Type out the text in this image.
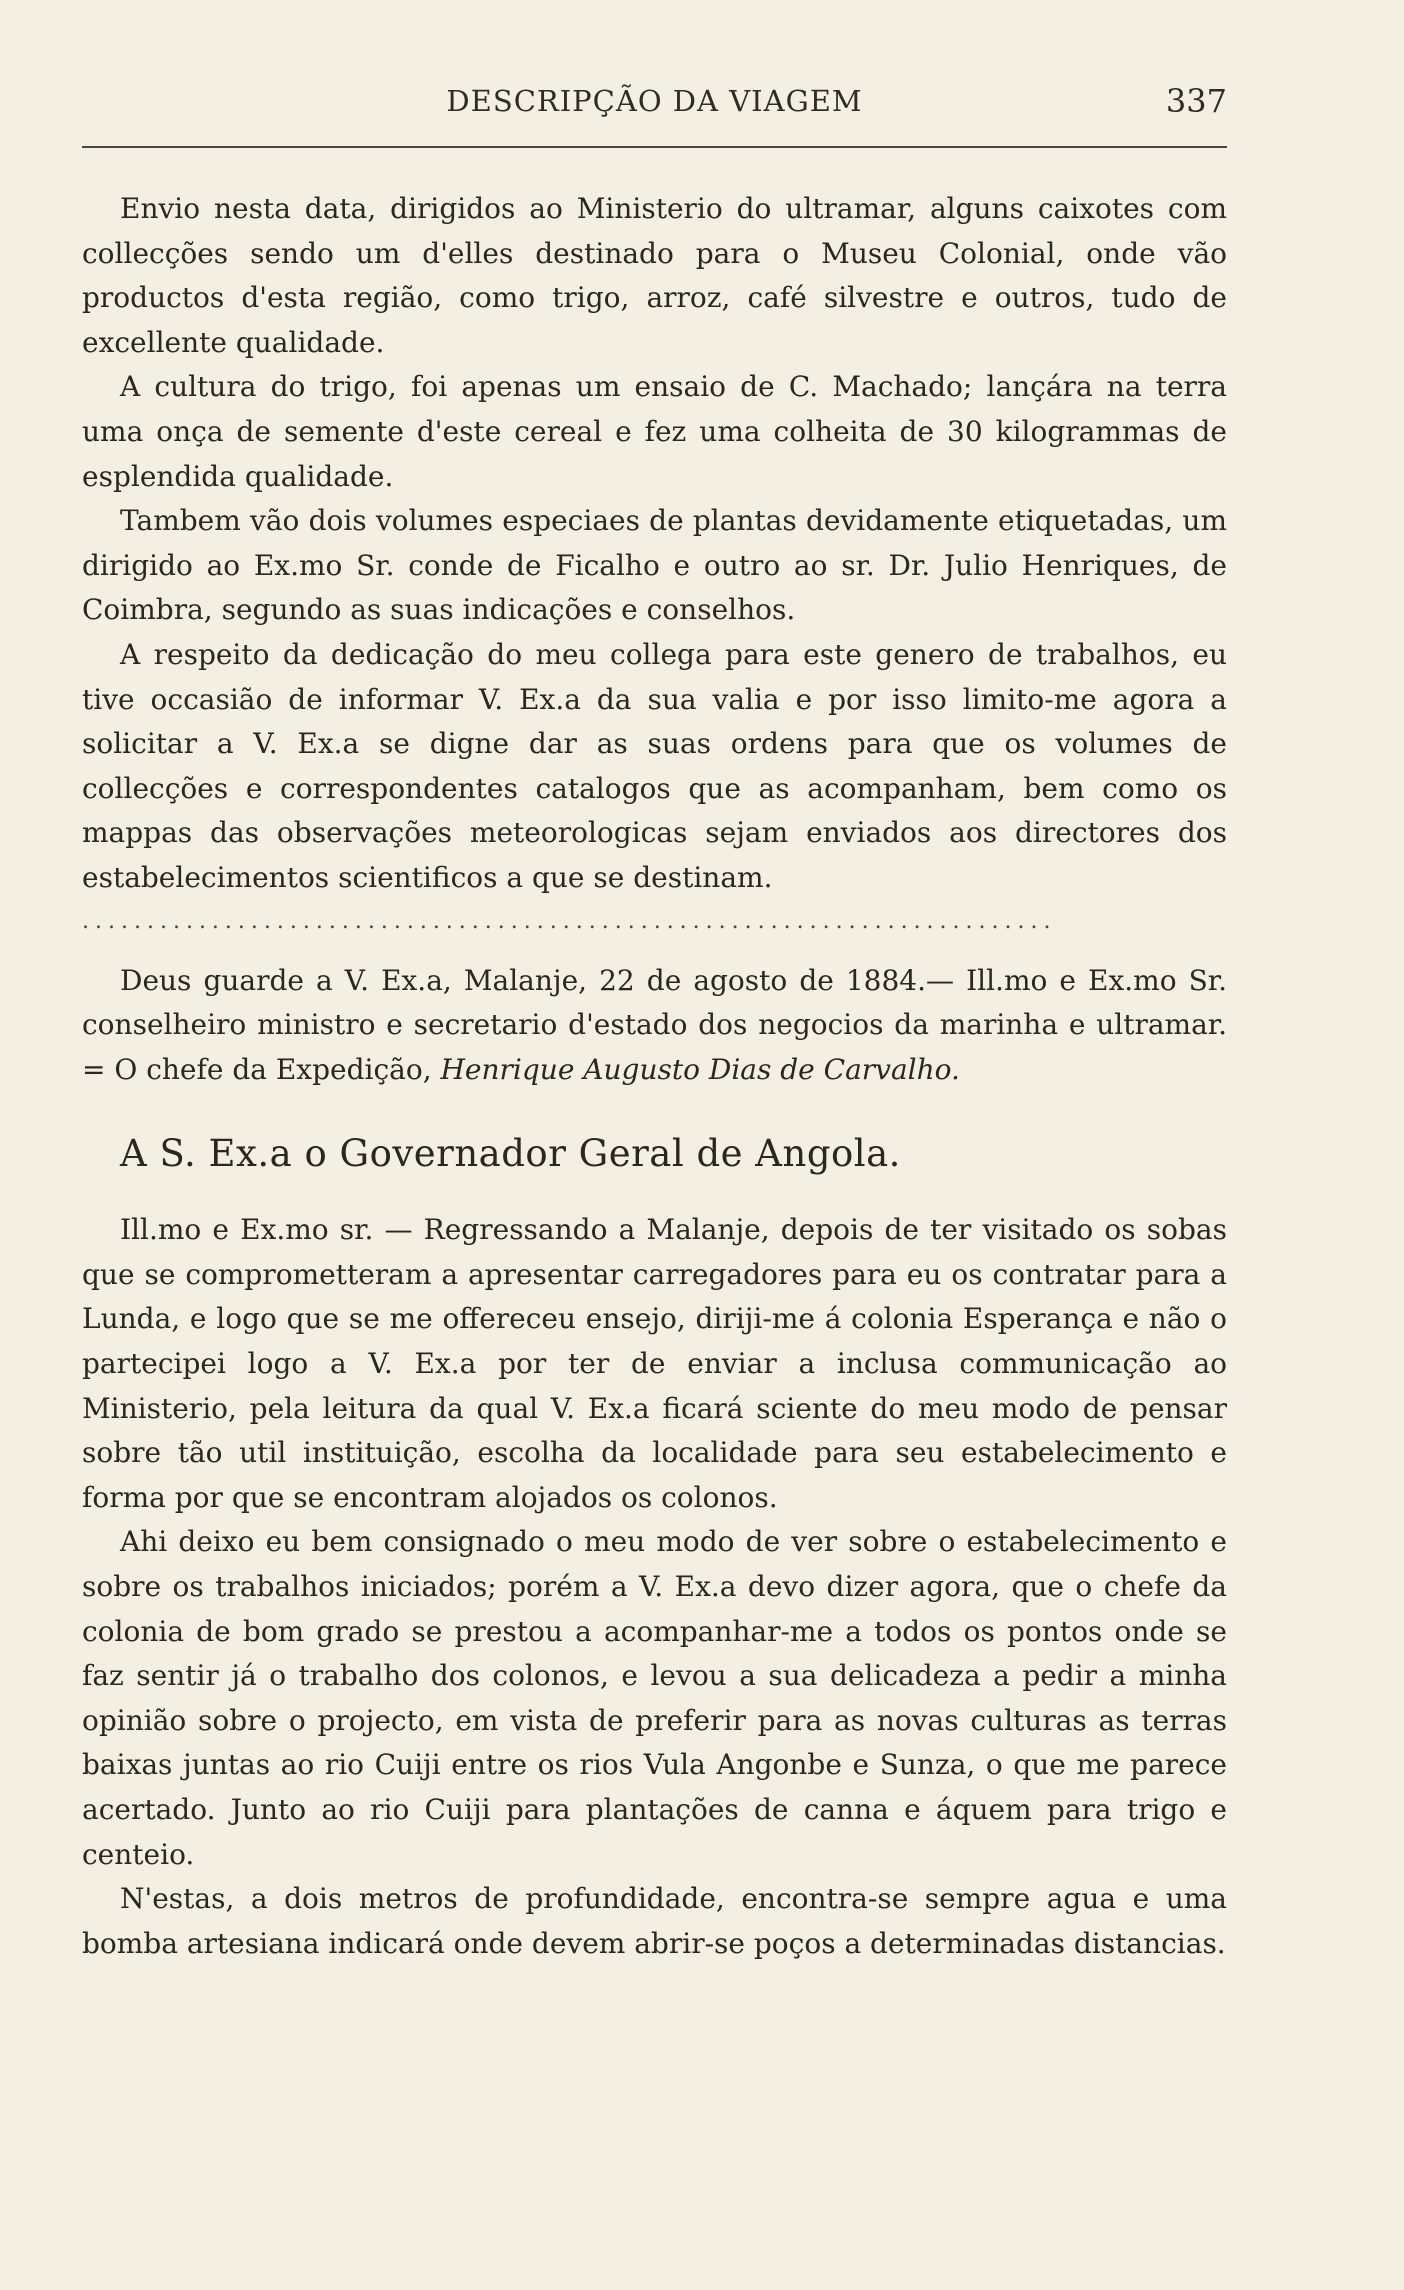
DESCRIPÇÃO DA VIAGEM	337

Envio nesta data, dirigidos ao Ministerio do ultramar, alguns caixotes com collecções sendo um d'elles destinado para o Museu Colonial, onde vão productos d'esta região, como trigo, arroz, café silvestre e outros, tudo de excellente qualidade.

A cultura do trigo, foi apenas um ensaio de C. Machado; lançára na terra uma onça de semente d'este cereal e fez uma colheita de 30 kilogrammas de esplendida qualidade.

Tambem vão dois volumes especiaes de plantas devidamente etiquetadas, um dirigido ao Ex.mo Sr. conde de Ficalho e outro ao sr. Dr. Julio Henriques, de Coimbra, segundo as suas indicações e conselhos.

A respeito da dedicação do meu collega para este genero de trabalhos, eu tive occasião de informar V. Ex.a da sua valia e por isso limito-me agora a solicitar a V. Ex.a se digne dar as suas ordens para que os volumes de collecções e correspondentes catalogos que as acompanham, bem como os mappas das observações meteorologicas sejam enviados aos directores dos estabelecimentos scientificos a que se destinam.

...........................................................................

Deus guarde a V. Ex.a, Malanje, 22 de agosto de 1884.— Ill.mo e Ex.mo Sr. conselheiro ministro e secretario d'estado dos negocios da marinha e ultramar. = O chefe da Expedição, Henrique Augusto Dias de Carvalho.

A S. Ex.a o Governador Geral de Angola.

Ill.mo e Ex.mo sr. — Regressando a Malanje, depois de ter visitado os sobas que se comprometteram a apresentar carregadores para eu os contratar para a Lunda, e logo que se me offereceu ensejo, diriji-me á colonia Esperança e não o partecipei logo a V. Ex.a por ter de enviar a inclusa communicação ao Ministerio, pela leitura da qual V. Ex.a ficará sciente do meu modo de pensar sobre tão util instituição, escolha da localidade para seu estabelecimento e forma por que se encontram alojados os colonos.

Ahi deixo eu bem consignado o meu modo de ver sobre o estabelecimento e sobre os trabalhos iniciados; porém a V. Ex.a devo dizer agora, que o chefe da colonia de bom grado se prestou a acompanhar-me a todos os pontos onde se faz sentir já o trabalho dos colonos, e levou a sua delicadeza a pedir a minha opinião sobre o projecto, em vista de preferir para as novas culturas as terras baixas juntas ao rio Cuiji entre os rios Vula Angonbe e Sunza, o que me parece acertado. Junto ao rio Cuiji para plantações de canna e áquem para trigo e centeio.

N'estas, a dois metros de profundidade, encontra-se sempre agua e uma bomba artesiana indicará onde devem abrir-se poços a determinadas distancias.
